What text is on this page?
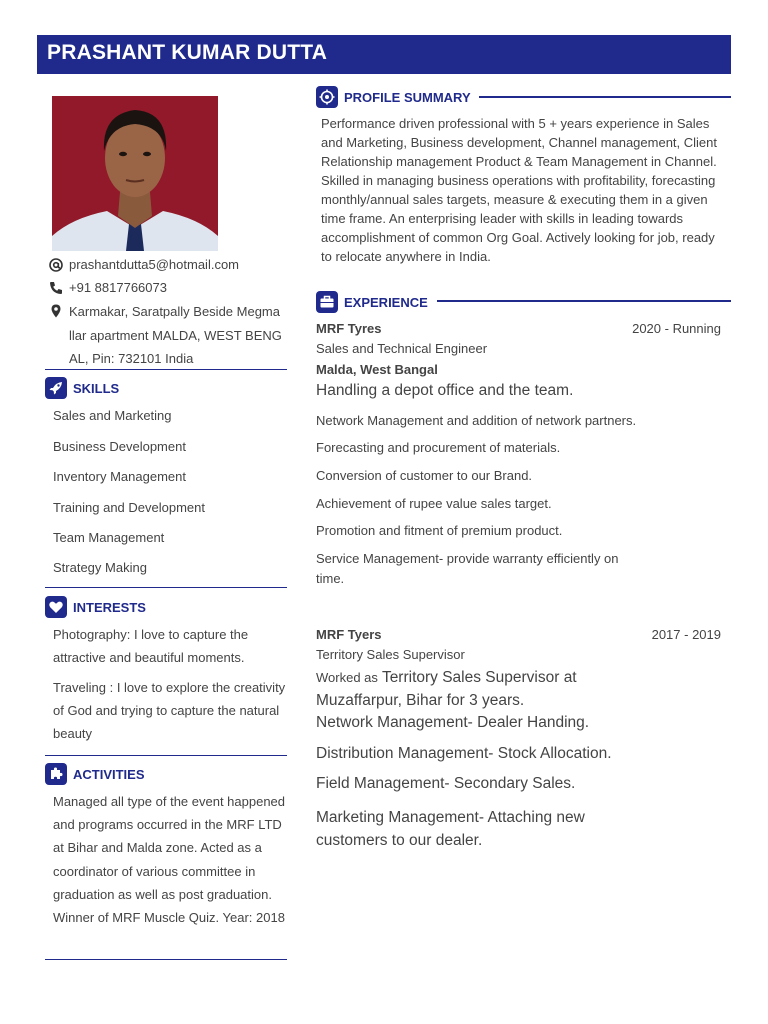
PRASHANT KUMAR DUTTA
prashantdutta5@hotmail.com
+91 8817766073
Karmakar, Saratpally Beside Megma llar apartment MALDA, WEST BENG AL, Pin: 732101 India
SKILLS
Sales and Marketing
Business Development
Inventory Management
Training and Development
Team Management
Strategy Making
INTERESTS
Photography: I love to capture the attractive and beautiful moments.
Traveling : I love to explore the creativity of God and trying to capture the natural beauty
ACTIVITIES
Managed all type of the event happened and programs occurred in the MRF LTD at Bihar and Malda zone. Acted as a coordinator of various committee in graduation as well as post graduation. Winner of MRF Muscle Quiz. Year: 2018
PROFILE SUMMARY
Performance driven professional with 5 + years experience in Sales and Marketing, Business development, Channel management, Client Relationship management Product & Team Management in Channel. Skilled in managing business operations with profitability, forecasting monthly/annual sales targets, measure & executing them in a given time frame. An enterprising leader with skills in leading towards accomplishment of common Org Goal. Actively looking for job, ready to relocate anywhere in India.
EXPERIENCE
MRF Tyres	2020 - Running
Sales and Technical Engineer
Malda, West Bangal
Handling a depot office and the team.
Network Management and addition of network partners.
Forecasting and procurement of materials.
Conversion of customer to our Brand.
Achievement of rupee value sales target.
Promotion and fitment of premium product.
Service Management- provide warranty efficiently on time.
MRF Tyers	2017 - 2019
Territory Sales Supervisor
Worked as Territory Sales Supervisor at Muzaffarpur, Bihar for 3 years.
Network Management- Dealer Handing.
Distribution Management- Stock Allocation.
Field Management- Secondary Sales.
Marketing Management- Attaching new customers to our dealer.
